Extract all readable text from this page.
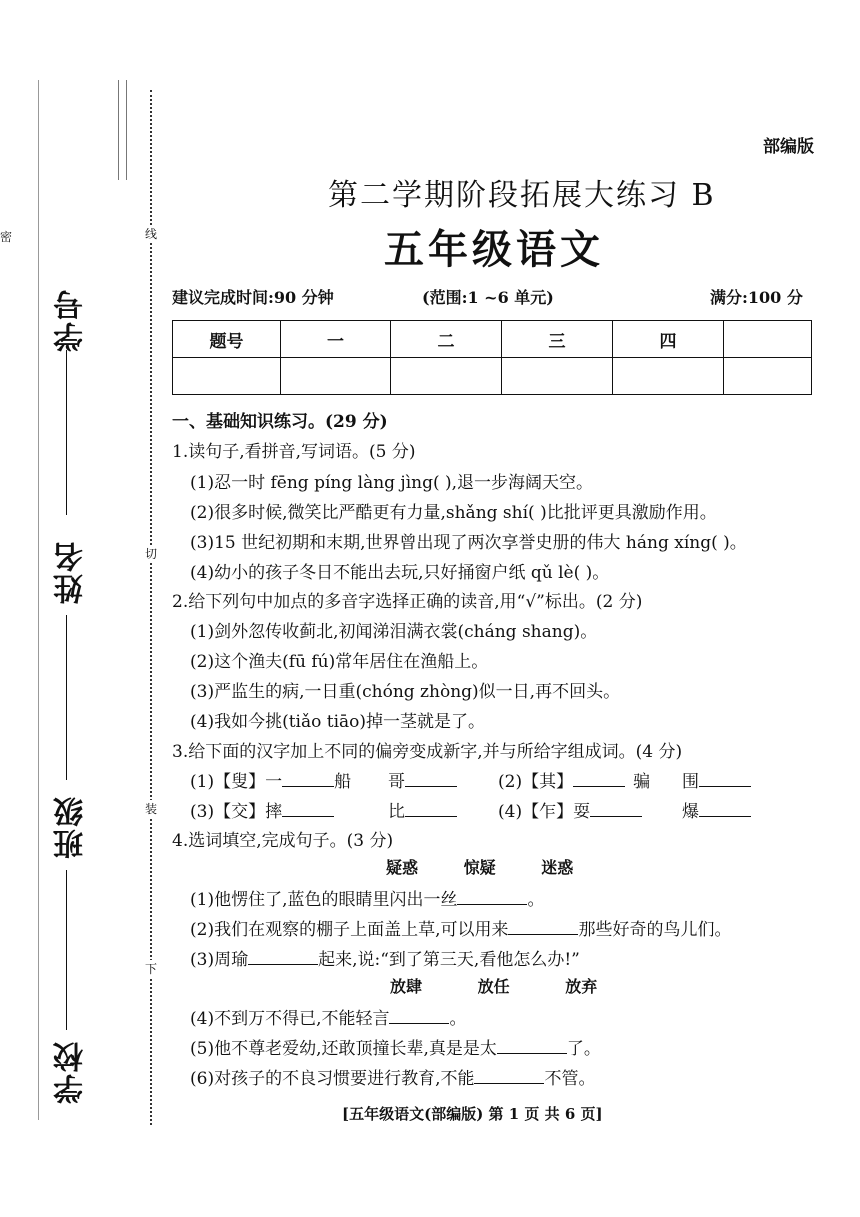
密	线
切
装
下
学号
姓名
班级
学校
部编版
第二学期阶段拓展大练习 B
五年级语文
建议完成时间:90 分钟	(范围:1 ~6 单元)	满分:100 分
题号	一	二	三	四	

一、基础知识练习。(29 分)
1.读句子,看拼音,写词语。(5 分)
(1)忍一时 fēng píng làng jìng( ),退一步海阔天空。
(2)很多时候,微笑比严酷更有力量,shǎng shí( )比批评更具激励作用。
(3)15 世纪初期和末期,世界曾出现了两次享誉史册的伟大 háng xíng( )。
(4)幼小的孩子冬日不能出去玩,只好捅窗户纸 qǔ lè( )。
2.给下列句中加点的多音字选择正确的读音,用“√”标出。(2 分)
(1)剑外忽传收蓟北,初闻涕泪满衣裳(cháng shang)。
(2)这个渔夫(fū fú)常年居住在渔船上。
(3)严监生的病,一日重(chóng zhòng)似一日,再不回头。
(4)我如今挑(tiǎo tiāo)掉一茎就是了。
3.给下面的汉字加上不同的偏旁变成新字,并与所给字组成词。(4 分)
(1)【叟】一	船 哥	(2)【其】	骗 围
(3)【交】摔	比	(4)【乍】耍	爆
4.选词填空,完成句子。(3 分)
疑惑	惊疑	迷惑
(1)他愣住了,蓝色的眼睛里闪出一丝	。
(2)我们在观察的棚子上面盖上草,可以用来	那些好奇的鸟儿们。
(3)周瑜	起来,说:“到了第三天,看他怎么办!”
放肆	放任	放弃
(4)不到万不得已,不能轻言	。
(5)他不尊老爱幼,还敢顶撞长辈,真是是太	了。
(6)对孩子的不良习惯要进行教育,不能	不管。
[五年级语文(部编版) 第 1 页 共 6 页]
